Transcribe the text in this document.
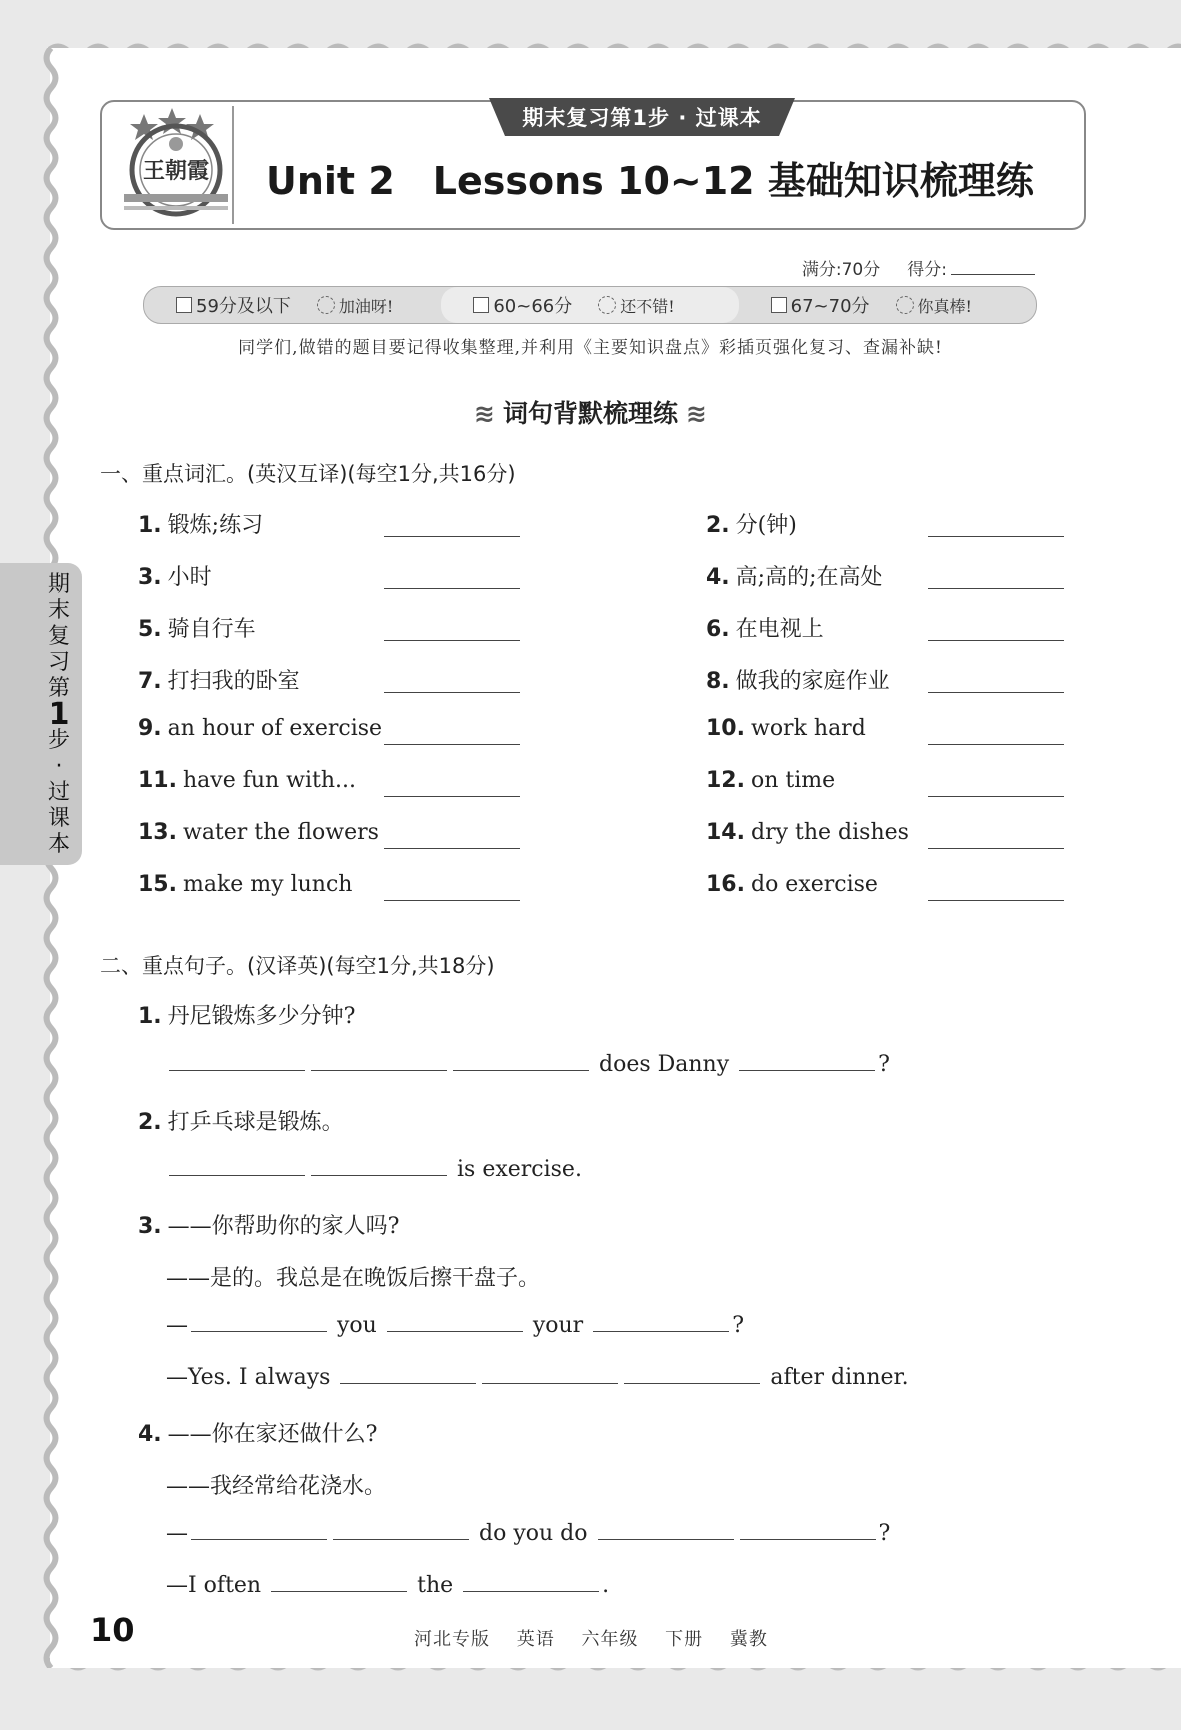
王朝霞
期末复习第1步 · 过课本
Unit 2 Lessons 10~12 基础知识梳理练
满分:70分 得分:
59分及以下	加油呀!	60~66分	还不错!	67~70分	你真棒!
同学们,做错的题目要记得收集整理,并利用《主要知识盘点》彩插页强化复习、查漏补缺!
≋ 词句背默梳理练 ≋
一、重点词汇。(英汉互译)(每空1分,共16分)
1. 锻炼;练习	2. 分(钟)
3. 小时	4. 高;高的;在高处
5. 骑自行车	6. 在电视上
7. 打扫我的卧室	8. 做我的家庭作业
9. an hour of exercise	10. work hard
11. have fun with...	12. on time
13. water the flowers	14. dry the dishes
15. make my lunch	16. do exercise
二、重点句子。(汉译英)(每空1分,共18分)
1. 丹尼锻炼多少分钟?
does Danny	?
2. 打乒乓球是锻炼。
is exercise.
3. ——你帮助你的家人吗?
——是的。我总是在晚饭后擦干盘子。
—	you	your	?
—Yes. I always	after dinner.
4. ——你在家还做什么?
——我经常给花浇水。
—	do you do	?
—I often	the	.
期
末
复
习
第
1
步
·
过
课
本
10	河北专版 英语 六年级 下册 冀教
